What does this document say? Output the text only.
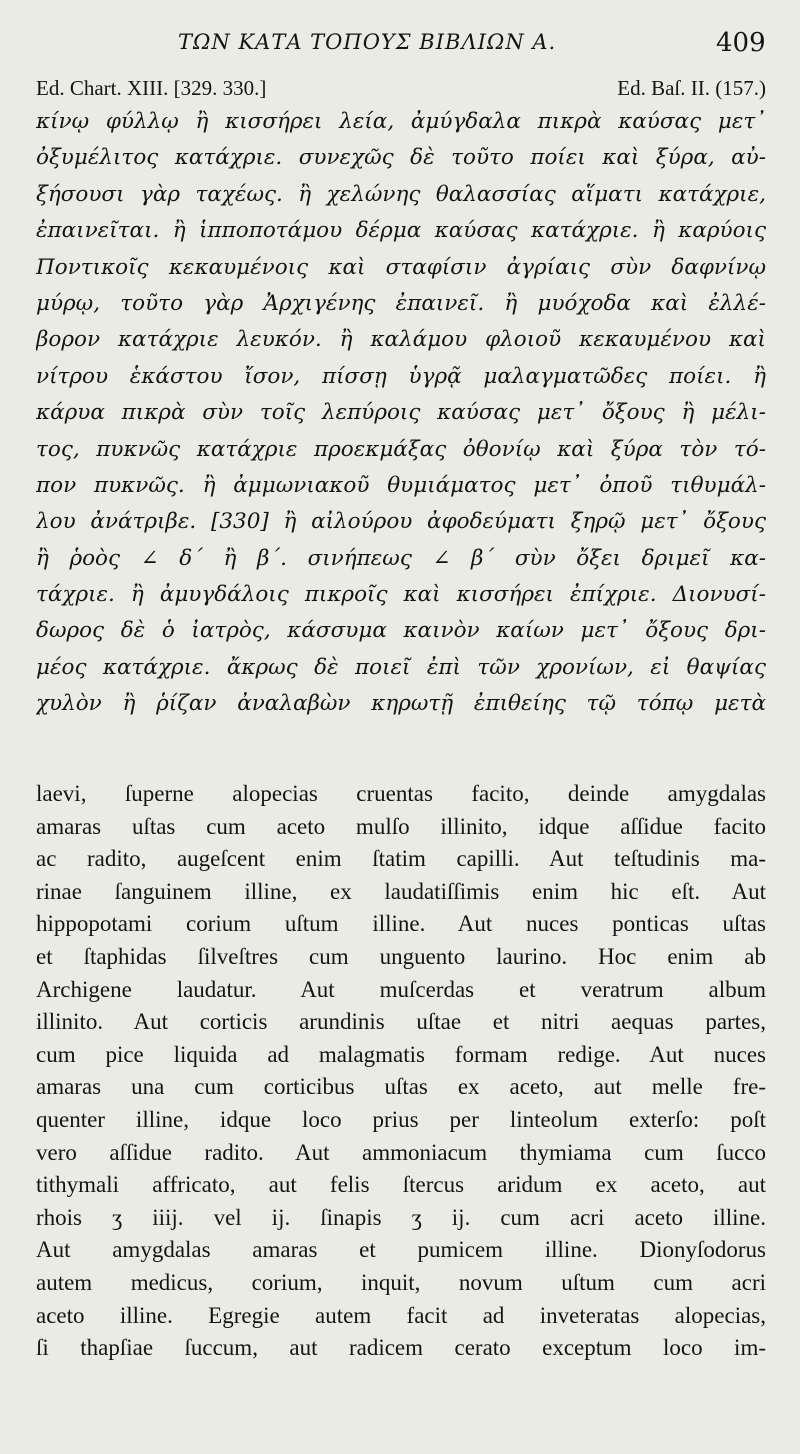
ΤΩΝ ΚΑΤΑ ΤΟΠΟΥΣ ΒΙΒΛΙΩΝ Α.	409
Ed. Chart. XIII. [329. 330.]	Ed. Baſ. II. (157.)
κίνῳ φύλλῳ ἢ κισσήρει λεία, ἀμύγδαλα πικρὰ καύσας μετ᾽
ὀξυμέλιτος κατάχριε. συνεχῶς δὲ τοῦτο ποίει καὶ ξύρα, αὐ-
ξήσουσι γὰρ ταχέως. ἢ χελώνης θαλασσίας αἵματι κατάχριε,
ἐπαινεῖται. ἢ ἱπποποτάμου δέρμα καύσας κατάχριε. ἢ καρύοις
Ποντικοῖς κεκαυμένοις καὶ σταφίσιν ἀγρίαις σὺν δαφνίνῳ
μύρῳ, τοῦτο γὰρ Ἀρχιγένης ἐπαινεῖ. ἢ μυόχοδα καὶ ἐλλέ-
βορον κατάχριε λευκόν. ἢ καλάμου φλοιοῦ κεκαυμένου καὶ
νίτρου ἑκάστου ἴσον, πίσσῃ ὑγρᾷ μαλαγματῶδες ποίει. ἢ
κάρυα πικρὰ σὺν τοῖς λεπύροις καύσας μετ᾽ ὄξους ἢ μέλι-
τος, πυκνῶς κατάχριε προεκμάξας ὀθονίῳ καὶ ξύρα τὸν τό-
πον πυκνῶς. ἢ ἀμμωνιακοῦ θυμιάματος μετ᾽ ὀποῦ τιθυμάλ-
λου ἀνάτριβε. [330] ἢ αἰλούρου ἀφοδεύματι ξηρῷ μετ᾽ ὄξους
ἢ ῥοὸς ∠ δ΄ ἢ β΄. σινήπεως ∠ β΄ σὺν ὄξει δριμεῖ κα-
τάχριε. ἢ ἀμυγδάλοις πικροῖς καὶ κισσήρει ἐπίχριε. Διονυσί-
δωρος δὲ ὁ ἰατρὸς, κάσσυμα καινὸν καίων μετ᾽ ὄξους δρι-
μέος κατάχριε. ἄκρως δὲ ποιεῖ ἐπὶ τῶν χρονίων, εἰ θαψίας
χυλὸν ἢ ῥίζαν ἀναλαβὼν κηρωτῇ ἐπιθείης τῷ τόπῳ μετὰ
laevi, ſuperne alopecias cruentas facito, deinde amygdalas
amaras uſtas cum aceto mulſo illinito, idque aſſidue facito
ac radito, augeſcent enim ſtatim capilli. Aut teſtudinis ma-
rinae ſanguinem illine, ex laudatiſſimis enim hic eſt. Aut
hippopotami corium uſtum illine. Aut nuces ponticas uſtas
et ſtaphidas ſilveſtres cum unguento laurino. Hoc enim ab
Archigene laudatur. Aut muſcerdas et veratrum album
illinito. Aut corticis arundinis uſtae et nitri aequas partes,
cum pice liquida ad malagmatis formam redige. Aut nuces
amaras una cum corticibus uſtas ex aceto, aut melle fre-
quenter illine, idque loco prius per linteolum exterſo: poſt
vero aſſidue radito. Aut ammoniacum thymiama cum ſucco
tithymali affricato, aut felis ſtercus aridum ex aceto, aut
rhois ʒ iiij. vel ij. ſinapis ʒ ij. cum acri aceto illine.
Aut amygdalas amaras et pumicem illine. Dionyſodorus
autem medicus, corium, inquit, novum uſtum cum acri
aceto illine. Egregie autem facit ad inveteratas alopecias,
ſi thapſiae ſuccum, aut radicem cerato exceptum loco im-
